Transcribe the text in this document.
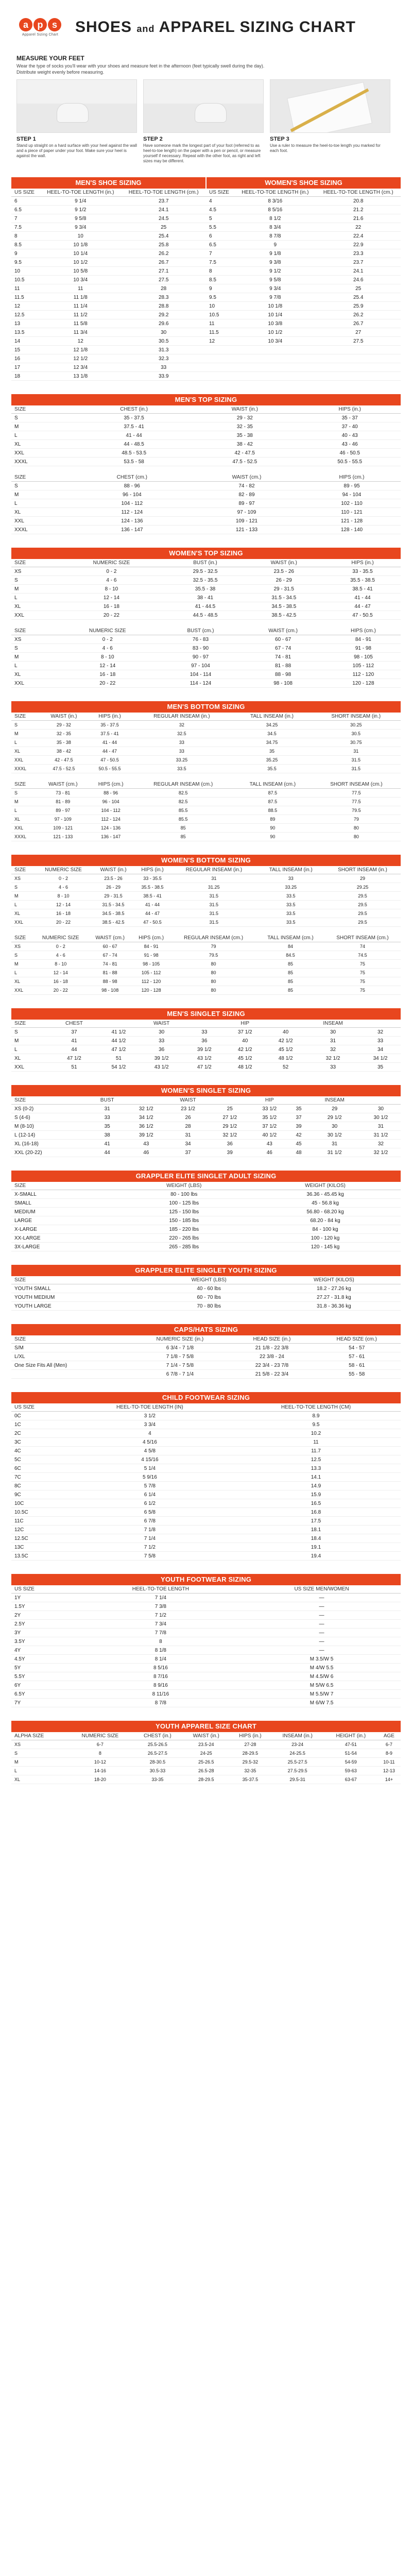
a p s
Apparel Sizing Chart SHOES and APPAREL SIZING CHART
MEASURE YOUR FEET

Wear the type of socks you'll wear with your shoes and measure feet in the afternoon (feet typically swell during the day). Distribute weight evenly before measuring.

STEP 1

Stand up straight on a hard surface with your heel against the wall and a piece of paper under your foot. Make sure your heel is against the wall.

STEP 2

Have someone mark the longest part of your foot (referred to as heel-to-toe length) on the paper with a pen or pencil, or measure yourself if necessary. Repeat with the other foot, as right and left sizes may be different.

STEP 3

Use a ruler to measure the heel-to-toe length you marked for each foot.

MEN'S SHOE SIZING	WOMEN'S SHOE SIZING
US SIZE	HEEL-TO-TOE LENGTH (in.)	HEEL-TO-TOE LENGTH (cm.)
6	9 1/4	23.7
6.5	9 1/2	24.1
7	9 5/8	24.5
7.5	9 3/4	25
8	10	25.4
8.5	10 1/8	25.8
9	10 1/4	26.2
9.5	10 1/2	26.7
10	10 5/8	27.1
10.5	10 3/4	27.5
11	11	28
11.5	11 1/8	28.3
12	11 1/4	28.8
12.5	11 1/2	29.2
13	11 5/8	29.6
13.5	11 3/4	30
14	12	30.5
15	12 1/8	31.3
16	12 1/2	32.3
17	12 3/4	33
18	13 1/8	33.9
US SIZE	HEEL-TO-TOE LENGTH (in.)	HEEL-TO-TOE LENGTH (cm.)
4	8 3/16	20.8
4.5	8 5/16	21.2
5	8 1/2	21.6
5.5	8 3/4	22
6	8 7/8	22.4
6.5	9	22.9
7	9 1/8	23.3
7.5	9 3/8	23.7
8	9 1/2	24.1
8.5	9 5/8	24.6
9	9 3/4	25
9.5	9 7/8	25.4
10	10 1/8	25.9
10.5	10 1/4	26.2
11	10 3/8	26.7
11.5	10 1/2	27
12	10 3/4	27.5

MEN'S TOP SIZING
SIZE	CHEST (in.)	WAIST (in.)	HIPS (in.)
S	35 - 37.5	29 - 32	35 - 37
M	37.5 - 41	32 - 35	37 - 40
L	41 - 44	35 - 38	40 - 43
XL	44 - 48.5	38 - 42	43 - 46
XXL	48.5 - 53.5	42 - 47.5	46 - 50.5
XXXL	53.5 - 58	47.5 - 52.5	50.5 - 55.5
SIZE	CHEST (cm.)	WAIST (cm.)	HIPS (cm.)
S	88 - 96	74 - 82	89 - 95
M	96 - 104	82 - 89	94 - 104
L	104 - 112	89 - 97	102 - 110
XL	112 - 124	97 - 109	110 - 121
XXL	124 - 136	109 - 121	121 - 128
XXXL	136 - 147	121 - 133	128 - 140
WOMEN'S TOP SIZING
SIZE	NUMERIC SIZE	BUST (in.)	WAIST (in.)	HIPS (in.)
XS	0 - 2	29.5 - 32.5	23.5 - 26	33 - 35.5
S	4 - 6	32.5 - 35.5	26 - 29	35.5 - 38.5
M	8 - 10	35.5 - 38	29 - 31.5	38.5 - 41
L	12 - 14	38 - 41	31.5 - 34.5	41 - 44
XL	16 - 18	41 - 44.5	34.5 - 38.5	44 - 47
XXL	20 - 22	44.5 - 48.5	38.5 - 42.5	47 - 50.5
SIZE	NUMERIC SIZE	BUST (cm.)	WAIST (cm.)	HIPS (cm.)
XS	0 - 2	76 - 83	60 - 67	84 - 91
S	4 - 6	83 - 90	67 - 74	91 - 98
M	8 - 10	90 - 97	74 - 81	98 - 105
L	12 - 14	97 - 104	81 - 88	105 - 112
XL	16 - 18	104 - 114	88 - 98	112 - 120
XXL	20 - 22	114 - 124	98 - 108	120 - 128
MEN'S BOTTOM SIZING
SIZE	WAIST (in.)	HIPS (in.)	REGULAR INSEAM (in.)	TALL INSEAM (in.)	SHORT INSEAM (in.)
S	29 - 32	35 - 37.5	32	34.25	30.25
M	32 - 35	37.5 - 41	32.5	34.5	30.5
L	35 - 38	41 - 44	33	34.75	30.75
XL	38 - 42	44 - 47	33	35	31
XXL	42 - 47.5	47 - 50.5	33.25	35.25	31.5
XXXL	47.5 - 52.5	50.5 - 55.5	33.5	35.5	31.5
SIZE	WAIST (cm.)	HIPS (cm.)	REGULAR INSEAM (cm.)	TALL INSEAM (cm.)	SHORT INSEAM (cm.)
S	73 - 81	88 - 96	82.5	87.5	77.5
M	81 - 89	96 - 104	82.5	87.5	77.5
L	89 - 97	104 - 112	85.5	88.5	79.5
XL	97 - 109	112 - 124	85.5	89	79
XXL	109 - 121	124 - 136	85	90	80
XXXL	121 - 133	136 - 147	85	90	80
WOMEN'S BOTTOM SIZING
SIZE	NUMERIC SIZE	WAIST (in.)	HIPS (in.)	REGULAR INSEAM (in.)	TALL INSEAM (in.)	SHORT INSEAM (in.)
XS	0 - 2	23.5 - 26	33 - 35.5	31	33	29
S	4 - 6	26 - 29	35.5 - 38.5	31.25	33.25	29.25
M	8 - 10	29 - 31.5	38.5 - 41	31.5	33.5	29.5
L	12 - 14	31.5 - 34.5	41 - 44	31.5	33.5	29.5
XL	16 - 18	34.5 - 38.5	44 - 47	31.5	33.5	29.5
XXL	20 - 22	38.5 - 42.5	47 - 50.5	31.5	33.5	29.5
SIZE	NUMERIC SIZE	WAIST (cm.)	HIPS (cm.)	REGULAR INSEAM (cm.)	TALL INSEAM (cm.)	SHORT INSEAM (cm.)
XS	0 - 2	60 - 67	84 - 91	79	84	74
S	4 - 6	67 - 74	91 - 98	79.5	84.5	74.5
M	8 - 10	74 - 81	98 - 105	80	85	75
L	12 - 14	81 - 88	105 - 112	80	85	75
XL	16 - 18	88 - 98	112 - 120	80	85	75
XXL	20 - 22	98 - 108	120 - 128	80	85	75
MEN'S SINGLET SIZING
SIZE	CHEST		WAIST		HIP		INSEAM	
S	37	41 1/2	30	33	37 1/2	40	30	32
M	41	44 1/2	33	36	40	42 1/2	31	33
L	44	47 1/2	36	39 1/2	42 1/2	45 1/2	32	34
XL	47 1/2	51	39 1/2	43 1/2	45 1/2	48 1/2	32 1/2	34 1/2
XXL	51	54 1/2	43 1/2	47 1/2	48 1/2	52	33	35
WOMEN'S SINGLET SIZING
SIZE	BUST		WAIST		HIP		INSEAM	
XS (0-2)	31	32 1/2	23 1/2	25	33 1/2	35	29	30
S (4-6)	33	34 1/2	26	27 1/2	35 1/2	37	29 1/2	30 1/2
M (8-10)	35	36 1/2	28	29 1/2	37 1/2	39	30	31
L (12-14)	38	39 1/2	31	32 1/2	40 1/2	42	30 1/2	31 1/2
XL (16-18)	41	43	34	36	43	45	31	32
XXL (20-22)	44	46	37	39	46	48	31 1/2	32 1/2
GRAPPLER ELITE SINGLET ADULT SIZING
SIZE	WEIGHT (LBS)	WEIGHT (KILOS)
X-SMALL	80 - 100 lbs	36.36 - 45.45 kg
SMALL	100 - 125 lbs	45 - 56.8 kg
MEDIUM	125 - 150 lbs	56.80 - 68.20 kg
LARGE	150 - 185 lbs	68.20 - 84 kg
X-LARGE	185 - 220 lbs	84 - 100 kg
XX-LARGE	220 - 265 lbs	100 - 120 kg
3X-LARGE	265 - 285 lbs	120 - 145 kg
GRAPPLER ELITE SINGLET YOUTH SIZING
SIZE	WEIGHT (LBS)	WEIGHT (KILOS)
YOUTH SMALL	40 - 60 lbs	18.2 - 27.26 kg
YOUTH MEDIUM	60 - 70 lbs	27.27 - 31.8 kg
YOUTH LARGE	70 - 80 lbs	31.8 - 36.36 kg
CAPS/HATS SIZING
SIZE	NUMERIC SIZE (in.)	HEAD SIZE (in.)	HEAD SIZE (cm.)
S/M	6 3/4 - 7 1/8	21 1/8 - 22 3/8	54 - 57
L/XL	7 1/8 - 7 5/8	22 3/8 - 24	57 - 61
One Size Fits All (Men)	7 1/4 - 7 5/8	22 3/4 - 23 7/8	58 - 61
	6 7/8 - 7 1/4	21 5/8 - 22 3/4	55 - 58
CHILD FOOTWEAR SIZING
US SIZE	HEEL-TO-TOE LENGTH (IN)	HEEL-TO-TOE LENGTH (CM)
0C	3 1/2	8.9
1C	3 3/4	9.5
2C	4	10.2
3C	4 5/16	11
4C	4 5/8	11.7
5C	4 15/16	12.5
6C	5 1/4	13.3
7C	5 9/16	14.1
8C	5 7/8	14.9
9C	6 1/4	15.9
10C	6 1/2	16.5
10.5C	6 5/8	16.8
11C	6 7/8	17.5
12C	7 1/8	18.1
12.5C	7 1/4	18.4
13C	7 1/2	19.1
13.5C	7 5/8	19.4
YOUTH FOOTWEAR SIZING
US SIZE	HEEL-TO-TOE LENGTH	US SIZE MEN/WOMEN
1Y	7 1/4	—
1.5Y	7 3/8	—
2Y	7 1/2	—
2.5Y	7 3/4	—
3Y	7 7/8	—
3.5Y	8	—
4Y	8 1/8	—
4.5Y	8 1/4	M 3.5/W 5
5Y	8 5/16	M 4/W 5.5
5.5Y	8 7/16	M 4.5/W 6
6Y	8 9/16	M 5/W 6.5
6.5Y	8 11/16	M 5.5/W 7
7Y	8 7/8	M 6/W 7.5
YOUTH APPAREL SIZE CHART
ALPHA SIZE	NUMERIC SIZE	CHEST (in.)	WAIST (in.)	HIPS (in.)	INSEAM (in.)	HEIGHT (in.)	AGE
XS	6-7	25.5-26.5	23.5-24	27-28	23-24	47-51	6-7
S	8	26.5-27.5	24-25	28-29.5	24-25.5	51-54	8-9
M	10-12	28-30.5	25-26.5	29.5-32	25.5-27.5	54-59	10-11
L	14-16	30.5-33	26.5-28	32-35	27.5-29.5	59-63	12-13
XL	18-20	33-35	28-29.5	35-37.5	29.5-31	63-67	14+
